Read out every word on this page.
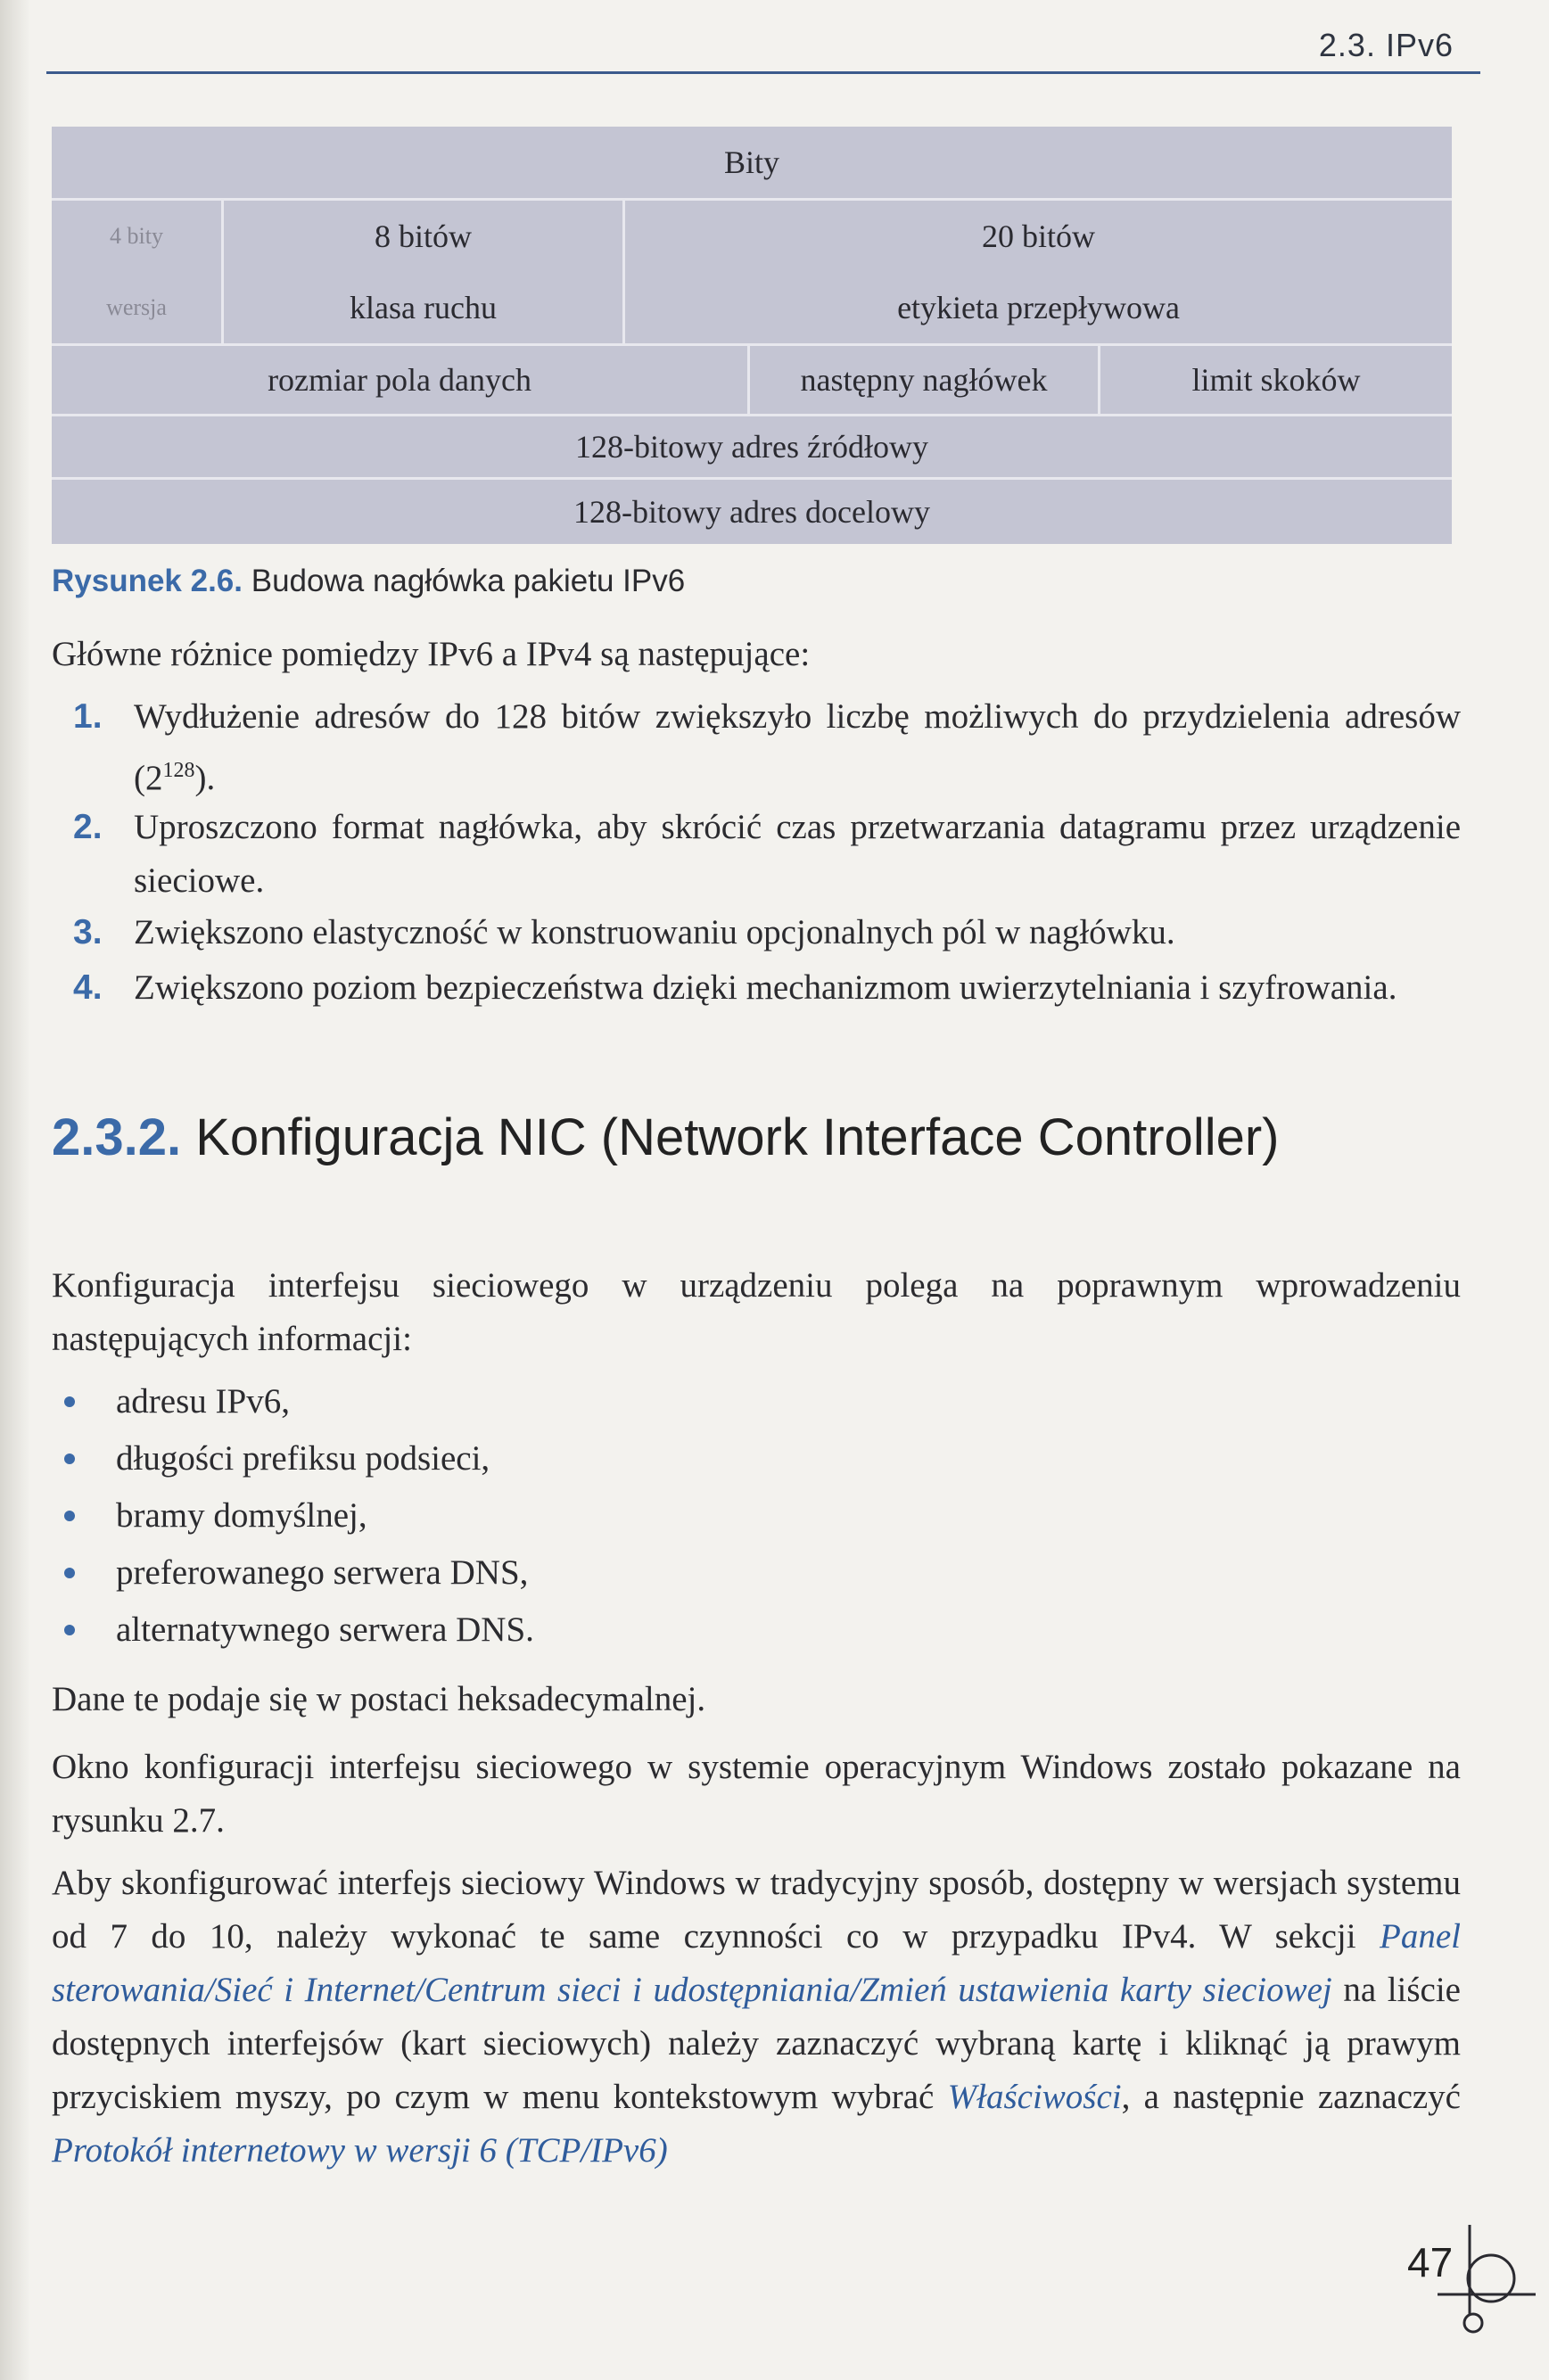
2.3. IPv6
Bity
4 bity	8 bitów	20 bitów
wersja	klasa ruchu	etykieta przepływowa
rozmiar pola danych	następny nagłówek	limit skoków
128-bitowy adres źródłowy
128-bitowy adres docelowy
Rysunek 2.6. Budowa nagłówka pakietu IPv6
Główne różnice pomiędzy IPv6 a IPv4 są następujące:
1. Wydłużenie adresów do 128 bitów zwiększyło liczbę możliwych do przydzielenia adresów $(2^{128})$.
2. Uproszczono format nagłówka, aby skrócić czas przetwarzania datagramu przez urządzenie sieciowe.
3. Zwiększono elastyczność w konstruowaniu opcjonalnych pól w nagłówku.
4. Zwiększono poziom bezpieczeństwa dzięki mechanizmom uwierzytelniania i szyfrowania.
2.3.2. Konfiguracja NIC (Network Interface Controller)
Konfiguracja interfejsu sieciowego w urządzeniu polega na poprawnym wprowadzeniu następujących informacji:
adresu IPv6,
długości prefiksu podsieci,
bramy domyślnej,
preferowanego serwera DNS,
alternatywnego serwera DNS.
Dane te podaje się w postaci heksadecymalnej.
Okno konfiguracji interfejsu sieciowego w systemie operacyjnym Windows zostało pokazane na rysunku 2.7.
Aby skonfigurować interfejs sieciowy Windows w tradycyjny sposób, dostępny w wersjach systemu od 7 do 10, należy wykonać te same czynności co w przypadku IPv4. W sekcji Panel sterowania/Sieć i Internet/Centrum sieci i udostępniania/Zmień ustawienia karty sieciowej na liście dostępnych interfejsów (kart sieciowych) należy zaznaczyć wybraną kartę i kliknąć ją prawym przyciskiem myszy, po czym w menu kontekstowym wybrać Właściwości, a następnie zaznaczyć Protokół internetowy w wersji 6 (TCP/IPv6)
47
